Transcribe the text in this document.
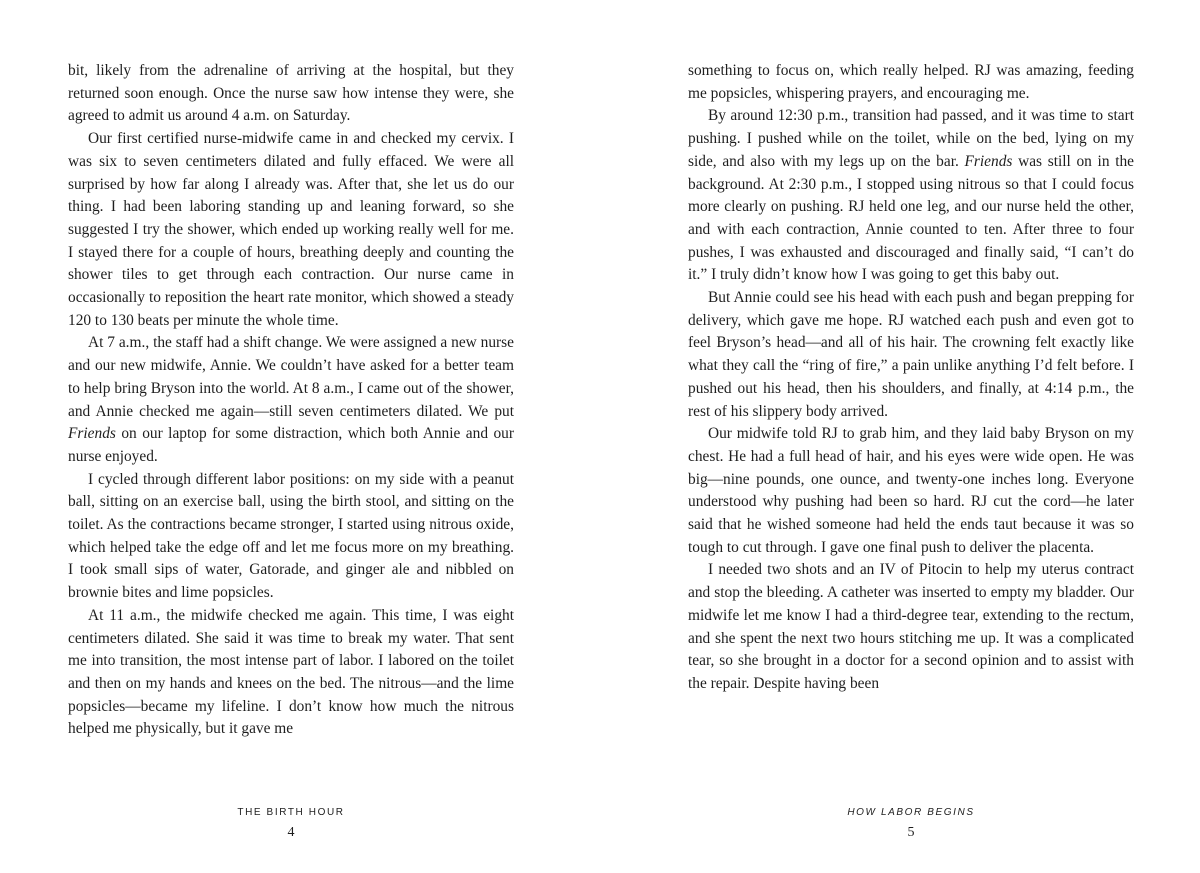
bit, likely from the adrenaline of arriving at the hospital, but they returned soon enough. Once the nurse saw how intense they were, she agreed to admit us around 4 a.m. on Saturday.

Our first certified nurse-midwife came in and checked my cervix. I was six to seven centimeters dilated and fully effaced. We were all surprised by how far along I already was. After that, she let us do our thing. I had been laboring standing up and leaning forward, so she suggested I try the shower, which ended up working really well for me. I stayed there for a couple of hours, breathing deeply and counting the shower tiles to get through each contraction. Our nurse came in occasionally to reposition the heart rate monitor, which showed a steady 120 to 130 beats per minute the whole time.

At 7 a.m., the staff had a shift change. We were assigned a new nurse and our new midwife, Annie. We couldn’t have asked for a better team to help bring Bryson into the world. At 8 a.m., I came out of the shower, and Annie checked me again—still seven centimeters dilated. We put Friends on our laptop for some distraction, which both Annie and our nurse enjoyed.

I cycled through different labor positions: on my side with a peanut ball, sitting on an exercise ball, using the birth stool, and sitting on the toilet. As the contractions became stronger, I started using nitrous oxide, which helped take the edge off and let me focus more on my breathing. I took small sips of water, Gatorade, and ginger ale and nibbled on brownie bites and lime popsicles.

At 11 a.m., the midwife checked me again. This time, I was eight centimeters dilated. She said it was time to break my water. That sent me into transition, the most intense part of labor. I labored on the toilet and then on my hands and knees on the bed. The nitrous—and the lime popsicles—became my lifeline. I don’t know how much the nitrous helped me physically, but it gave me

THE BIRTH HOUR
4

something to focus on, which really helped. RJ was amazing, feeding me popsicles, whispering prayers, and encouraging me.

By around 12:30 p.m., transition had passed, and it was time to start pushing. I pushed while on the toilet, while on the bed, lying on my side, and also with my legs up on the bar. Friends was still on in the background. At 2:30 p.m., I stopped using nitrous so that I could focus more clearly on pushing. RJ held one leg, and our nurse held the other, and with each contraction, Annie counted to ten. After three to four pushes, I was exhausted and discouraged and finally said, “I can’t do it.” I truly didn’t know how I was going to get this baby out.

But Annie could see his head with each push and began prepping for delivery, which gave me hope. RJ watched each push and even got to feel Bryson’s head—and all of his hair. The crowning felt exactly like what they call the “ring of fire,” a pain unlike anything I’d felt before. I pushed out his head, then his shoulders, and finally, at 4:14 p.m., the rest of his slippery body arrived.

Our midwife told RJ to grab him, and they laid baby Bryson on my chest. He had a full head of hair, and his eyes were wide open. He was big—nine pounds, one ounce, and twenty-one inches long. Everyone understood why pushing had been so hard. RJ cut the cord—he later said that he wished someone had held the ends taut because it was so tough to cut through. I gave one final push to deliver the placenta.

I needed two shots and an IV of Pitocin to help my uterus contract and stop the bleeding. A catheter was inserted to empty my bladder. Our midwife let me know I had a third-degree tear, extending to the rectum, and she spent the next two hours stitching me up. It was a complicated tear, so she brought in a doctor for a second opinion and to assist with the repair. Despite having been

HOW LABOR BEGINS
5
